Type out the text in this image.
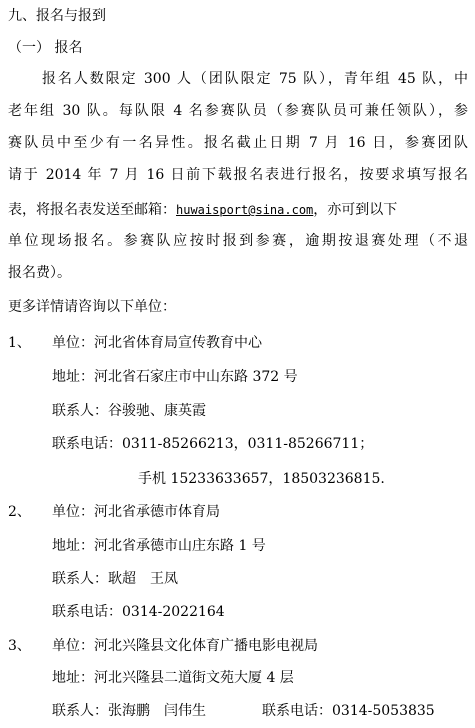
九、报名与报到
（一） 报名
报名人数限定 300 人（团队限定 75 队），青年组 45 队，中
老年组 30 队。每队限 4 名参赛队员（参赛队员可兼任领队），参
赛队员中至少有一名异性。报名截止日期 7 月 16 日，参赛团队
请于 2014 年 7 月 16 日前下载报名表进行报名，按要求填写报名
表，将报名表发送至邮箱：huwaisport@sina.com，亦可到以下
单位现场报名。参赛队应按时报到参赛，逾期按退赛处理（不退
报名费）。
更多详情请咨询以下单位：
1、 单位：河北省体育局宣传教育中心
地址：河北省石家庄市中山东路 372 号
联系人：谷骏驰、康英霞
联系电话：0311-85266213，0311-85266711；
手机 15233633657，18503236815.
2、 单位：河北省承德市体育局
地址：河北省承德市山庄东路 1 号
联系人：耿超　王凤
联系电话：0314-2022164
3、 单位：河北兴隆县文化体育广播电影电视局
地址：河北兴隆县二道街文苑大厦 4 层
联系人：张海鹏　闫伟生	联系电话：0314-5053835
